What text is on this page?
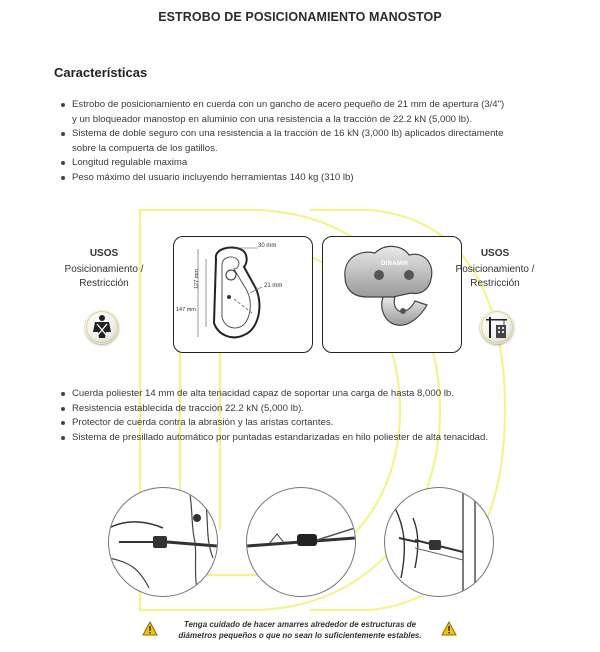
ESTROBO DE POSICIONAMIENTO MANOSTOP
Características
Estrobo de posicionamiento en cuerda con un gancho de acero pequeño de 21 mm de apertura (3/4")
y un bloqueador manostop en aluminio con una resistencia a la tracción de 22.2 kN (5,000 lb).
Sistema de doble seguro con una resistencia a la tracción de 16 kN (3,000 lb) aplicados directamente
sobre la compuerta de los gatillos.
Longitud regulable maxima
Peso máximo del usuario incluyendo herramientas 140 kg (310 lb)
USOS
Posicionamiento /
Restricción
30 mm
21 mm
127 mm
147 mm
DINAMIK
USOS
Posicionamiento /
Restricción
Cuerda poliester 14 mm de alta tenacidad capaz de soportar una carga de hasta 8,000 lb.
Resistencia establecida de tracción 22.2 kN (5,000 lb).
Protector de cuerda contra la abrasión y las aristas cortantes.
Sistema de presillado automático por puntadas estandarizadas en hilo poliester de alta tenacidad.
Tenga cuidado de hacer amarres alrededor de estructuras de
diámetros pequeños o que no sean lo suficientemente estables.
